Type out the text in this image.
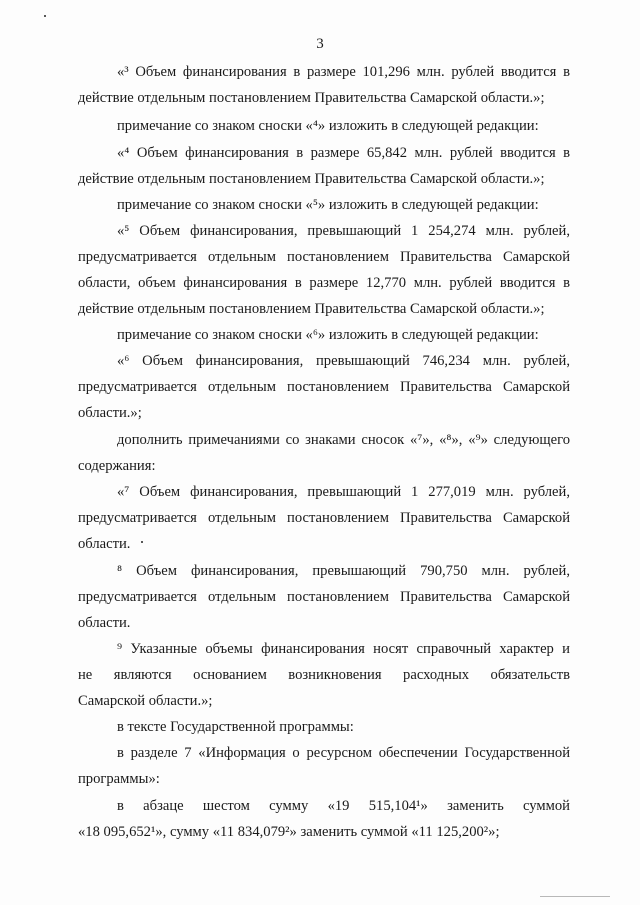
3
«³ Объем финансирования в размере 101,296 млн. рублей вводится в
действие отдельным постановлением Правительства Самарской области.»;
примечание со знаком сноски «⁴» изложить в следующей редакции:
«⁴ Объем финансирования в размере 65,842 млн. рублей вводится в
действие отдельным постановлением Правительства Самарской области.»;
примечание со знаком сноски «⁵» изложить в следующей редакции:
«⁵ Объем финансирования, превышающий 1 254,274 млн. рублей,
предусматривается отдельным постановлением Правительства Самарской
области, объем финансирования в размере 12,770 млн. рублей вводится в
действие отдельным постановлением Правительства Самарской области.»;
примечание со знаком сноски «⁶» изложить в следующей редакции:
«⁶ Объем финансирования, превышающий 746,234 млн. рублей,
предусматривается отдельным постановлением Правительства Самарской
области.»;
дополнить примечаниями со знаками сносок «⁷», «⁸», «⁹» следующего
содержания:
«⁷ Объем финансирования, превышающий 1 277,019 млн. рублей,
предусматривается отдельным постановлением Правительства Самарской
области.
⁸ Объем финансирования, превышающий 790,750 млн. рублей,
предусматривается отдельным постановлением Правительства Самарской
области.
⁹ Указанные объемы финансирования носят справочный характер и
не являются основанием возникновения расходных обязательств
Самарской области.»;
в тексте Государственной программы:
в разделе 7 «Информация о ресурсном обеспечении Государственной
программы»:
в абзаце шестом сумму «19 515,104¹» заменить суммой
«18 095,652¹», сумму «11 834,079²» заменить суммой «11 125,200²»;
